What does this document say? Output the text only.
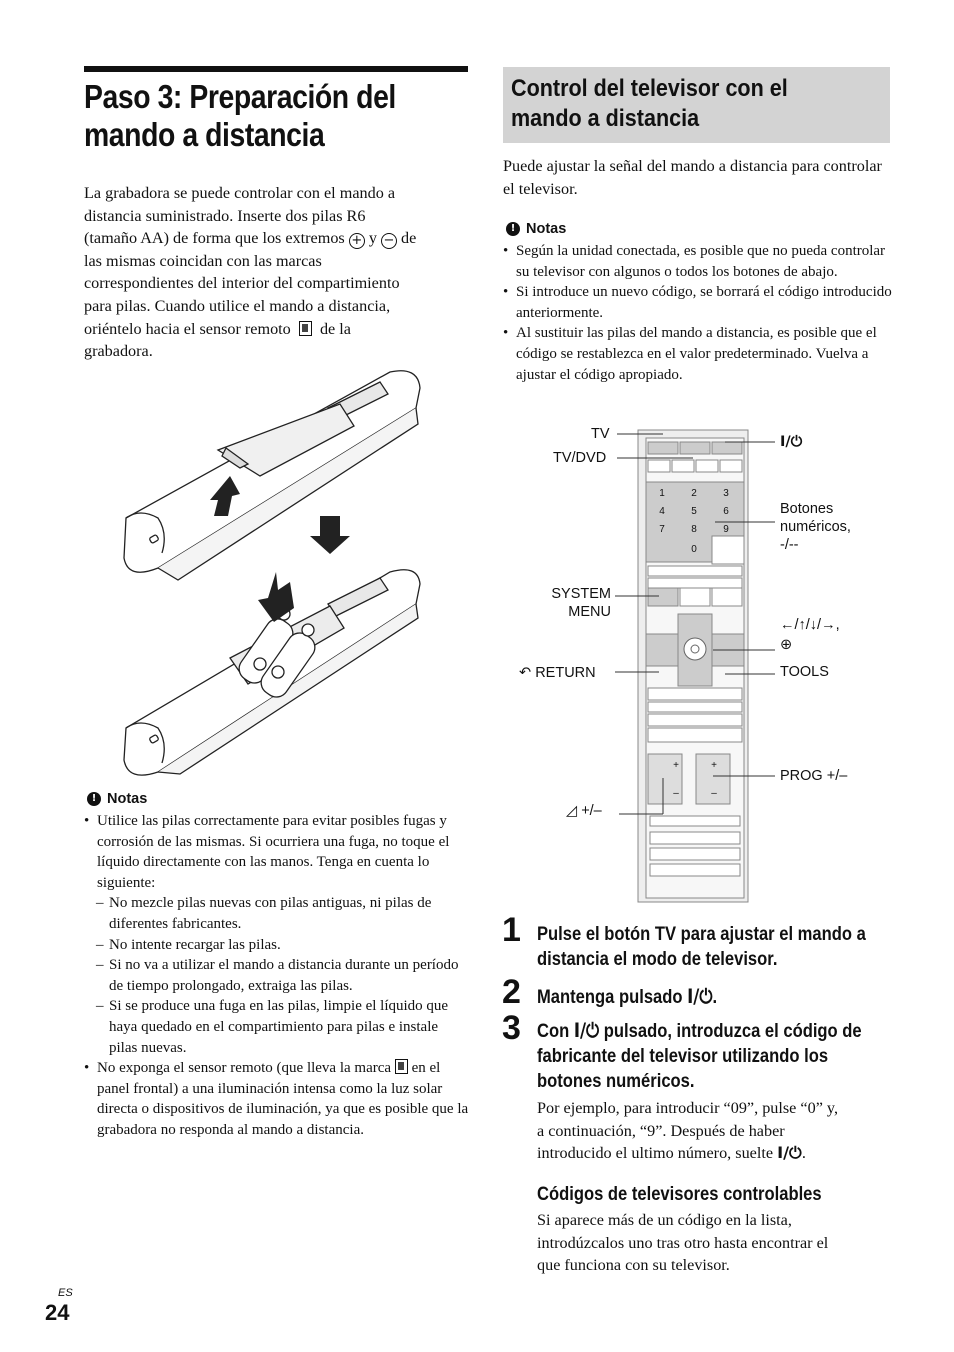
Paso 3: Preparación del
mando a distancia
La grabadora se puede controlar con el mando a
distancia suministrado. Inserte dos pilas R6
(tamaño AA) de forma que los extremos + y − de
las mismas coincidan con las marcas
correspondientes del interior del compartimiento
para pilas. Cuando utilice el mando a distancia,
oriéntelo hacia el sensor remoto de la
grabadora.
! Notas
• Utilice las pilas correctamente para evitar posibles fugas y corrosión de las mismas. Si ocurriera una fuga, no toque el líquido directamente con las manos. Tenga en cuenta lo siguiente:
– No mezcle pilas nuevas con pilas antiguas, ni pilas de diferentes fabricantes.
– No intente recargar las pilas.
– Si no va a utilizar el mando a distancia durante un período de tiempo prolongado, extraiga las pilas.
– Si se produce una fuga en las pilas, limpie el líquido que haya quedado en el compartimiento para pilas e instale pilas nuevas.
• No exponga el sensor remoto (que lleva la marca en el panel frontal) a una iluminación intensa como la luz solar directa o dispositivos de iluminación, ya que es posible que la grabadora no responda al mando a distancia.
Control del televisor con el mando a distancia
Puede ajustar la señal del mando a distancia para controlar el televisor.
! Notas
• Según la unidad conectada, es posible que no pueda controlar su televisor con algunos o todos los botones de abajo.
• Si introduce un nuevo código, se borrará el código introducido anteriormente.
• Al sustituir las pilas del mando a distancia, es posible que el código se restablezca en el valor predeterminado. Vuelva a ajustar el código apropiado.
1	2	3
4	5	6
7	8	9
0
+
–
+
–
TV
TV/DVD
I/⏻
Botones
numéricos,
-/--
SYSTEM
MENU
←/↑/↓/→,
⊕
↶ RETURN	TOOLS
PROG +/–
◿ +/–
1 Pulse el botón TV para ajustar el mando a
distancia el modo de televisor.
2 Mantenga pulsado I/⏻.
3 Con I/⏻ pulsado, introduzca el código de
fabricante del televisor utilizando los
botones numéricos.
Por ejemplo, para introducir “09”, pulse “0” y,
a continuación, “9”. Después de haber
introducido el ultimo número, suelte I/⏻.
Códigos de televisores controlables
Si aparece más de un código en la lista,
introdúzcalos uno tras otro hasta encontrar el
que funciona con su televisor.
ES
24
